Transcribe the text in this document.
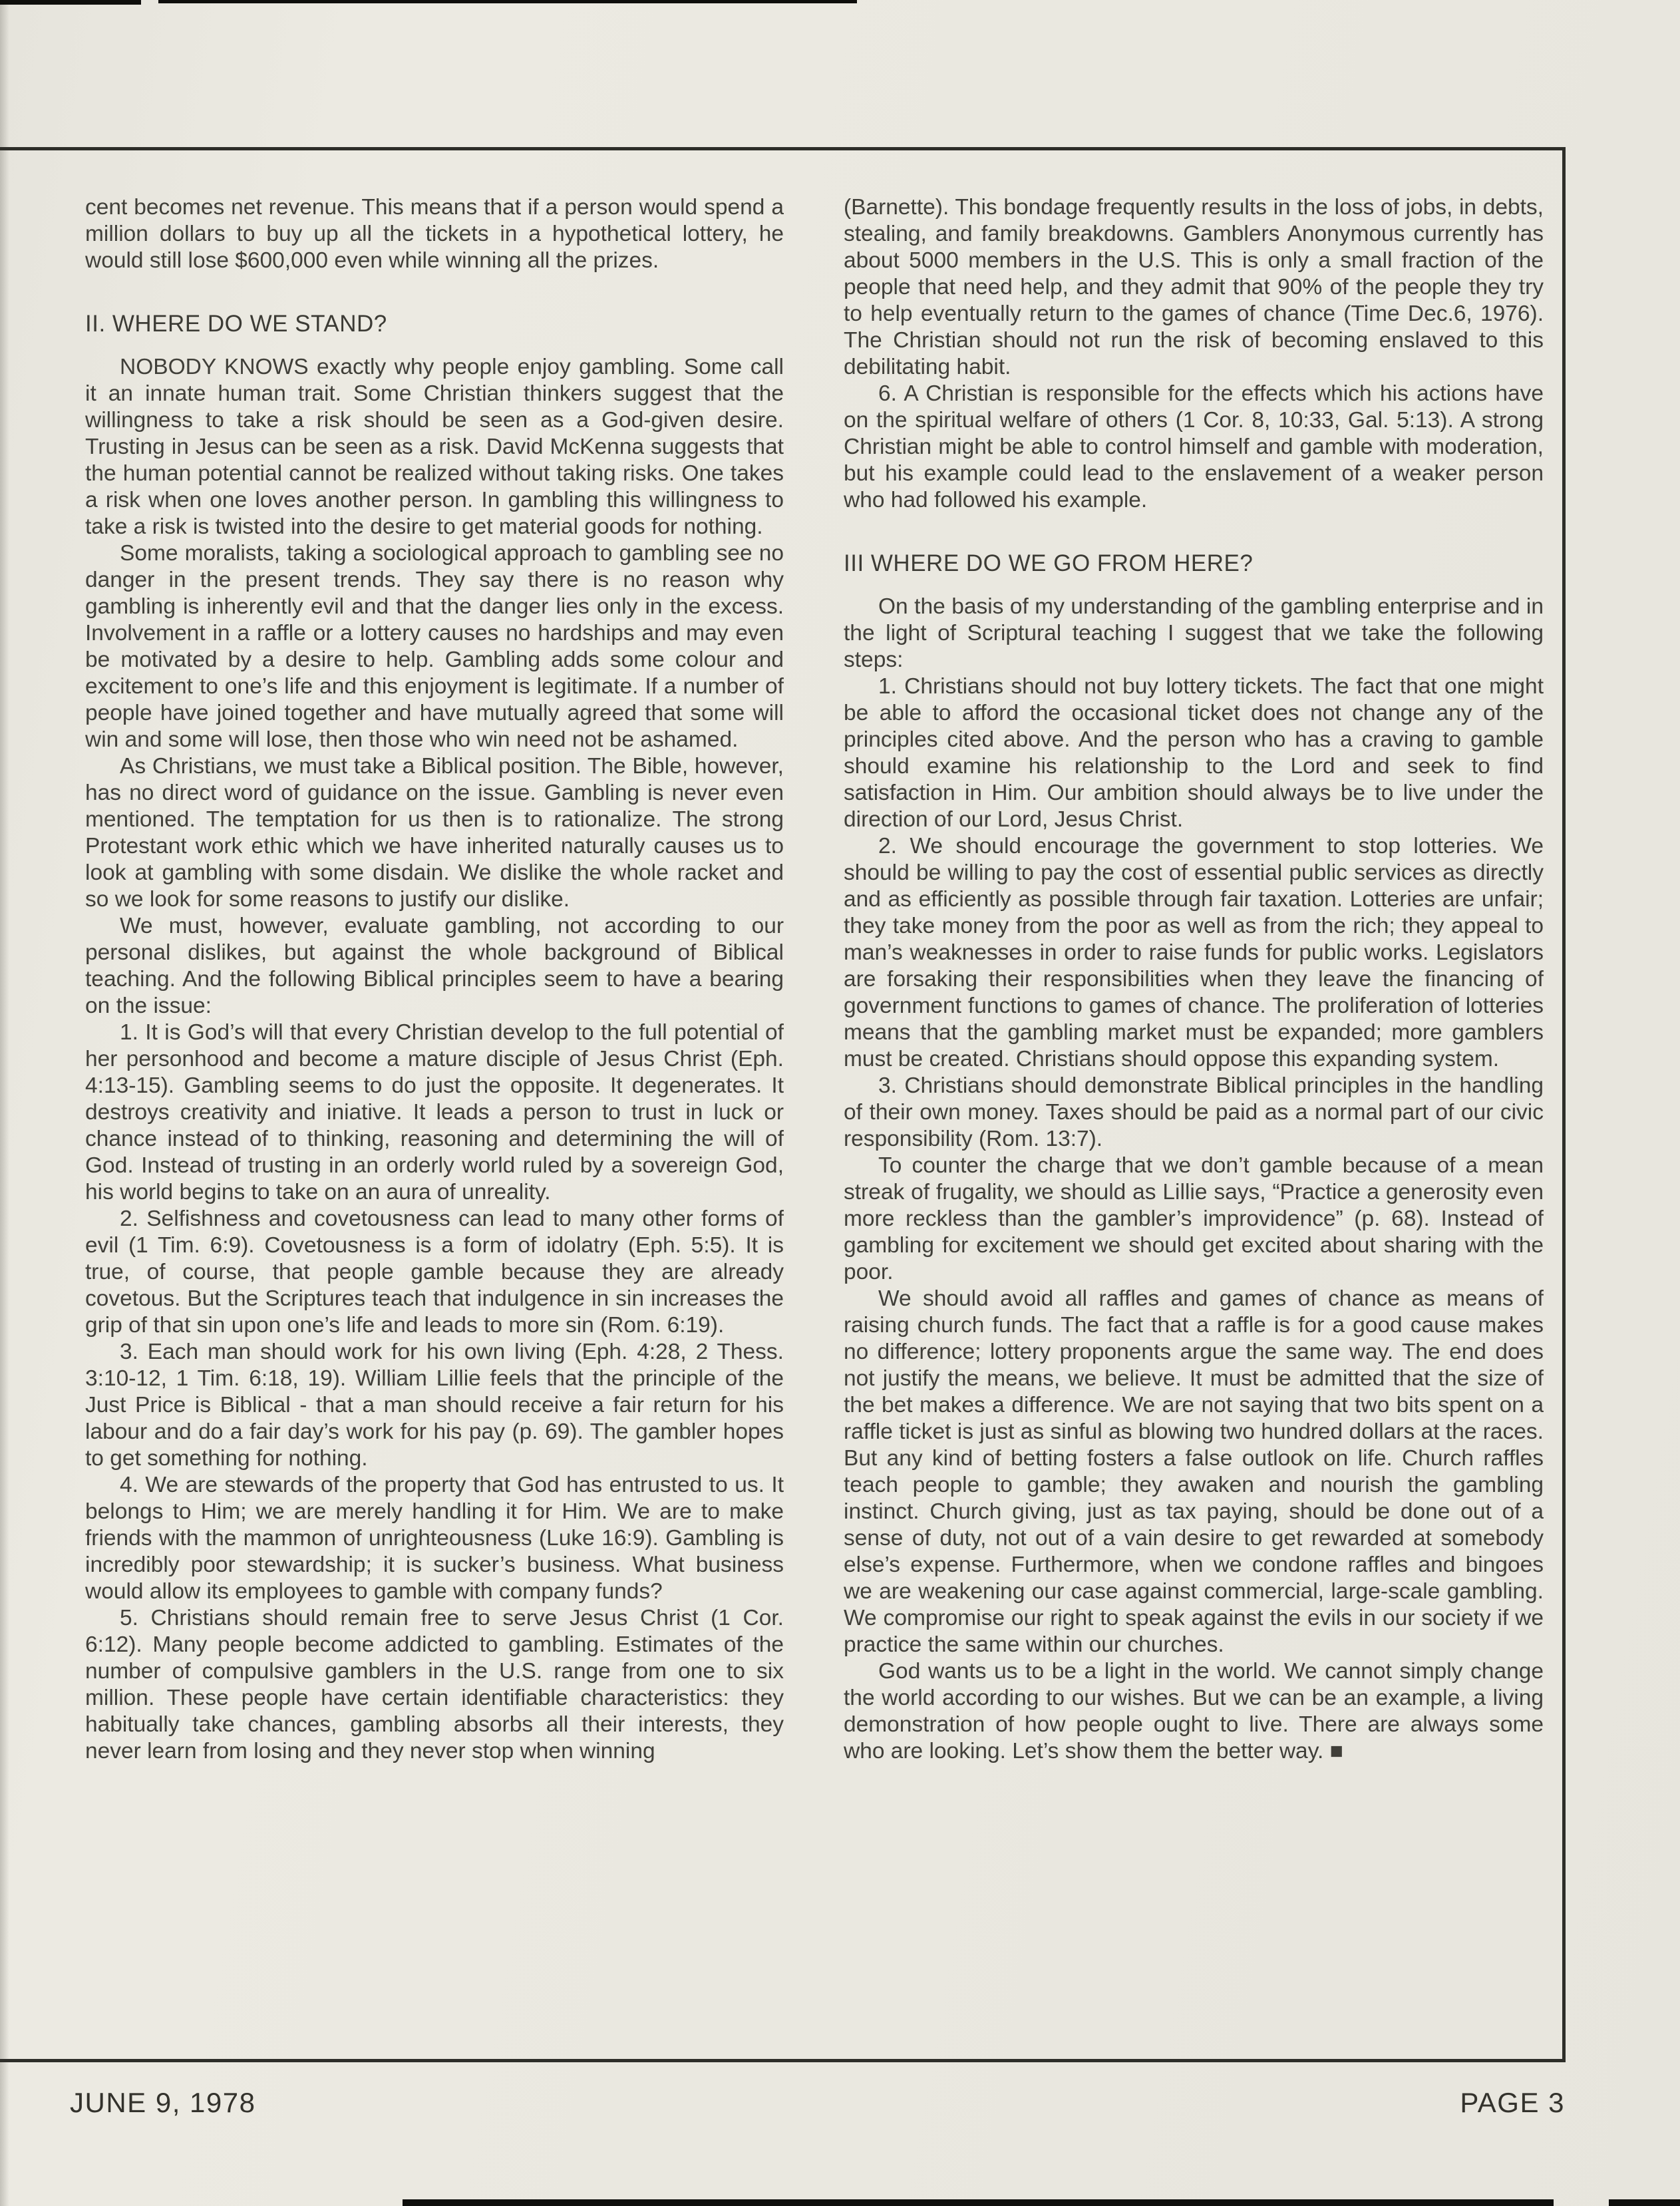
cent becomes net revenue. This means that if a person would spend a million dollars to buy up all the tickets in a hypothetical lottery, he would still lose $600,000 even while winning all the prizes.

II. WHERE DO WE STAND?

NOBODY KNOWS exactly why people enjoy gambling. Some call it an innate human trait. Some Christian thinkers suggest that the willingness to take a risk should be seen as a God-given desire. Trusting in Jesus can be seen as a risk. David McKenna suggests that the human potential cannot be realized without taking risks. One takes a risk when one loves another person. In gambling this willingness to take a risk is twisted into the desire to get material goods for nothing.

Some moralists, taking a sociological approach to gambling see no danger in the present trends. They say there is no reason why gambling is inherently evil and that the danger lies only in the excess. Involvement in a raffle or a lottery causes no hardships and may even be motivated by a desire to help. Gambling adds some colour and excitement to one’s life and this enjoyment is legitimate. If a number of people have joined together and have mutually agreed that some will win and some will lose, then those who win need not be ashamed.

As Christians, we must take a Biblical position. The Bible, however, has no direct word of guidance on the issue. Gambling is never even mentioned. The temptation for us then is to rationalize. The strong Protestant work ethic which we have inherited naturally causes us to look at gambling with some disdain. We dislike the whole racket and so we look for some reasons to justify our dislike.

We must, however, evaluate gambling, not according to our personal dislikes, but against the whole background of Biblical teaching. And the following Biblical principles seem to have a bearing on the issue:

1. It is God’s will that every Christian develop to the full potential of her personhood and become a mature disciple of Jesus Christ (Eph. 4:13-15). Gambling seems to do just the opposite. It degenerates. It destroys creativity and iniative. It leads a person to trust in luck or chance instead of to thinking, reasoning and determining the will of God. Instead of trusting in an orderly world ruled by a sovereign God, his world begins to take on an aura of unreality.

2. Selfishness and covetousness can lead to many other forms of evil (1 Tim. 6:9). Covetousness is a form of idolatry (Eph. 5:5). It is true, of course, that people gamble because they are already covetous. But the Scriptures teach that indulgence in sin increases the grip of that sin upon one’s life and leads to more sin (Rom. 6:19).

3. Each man should work for his own living (Eph. 4:28, 2 Thess. 3:10-12, 1 Tim. 6:18, 19). William Lillie feels that the principle of the Just Price is Biblical - that a man should receive a fair return for his labour and do a fair day’s work for his pay (p. 69). The gambler hopes to get something for nothing.

4. We are stewards of the property that God has entrusted to us. It belongs to Him; we are merely handling it for Him. We are to make friends with the mammon of unrighteousness (Luke 16:9). Gambling is incredibly poor stewardship; it is sucker’s business. What business would allow its employees to gamble with company funds?

5. Christians should remain free to serve Jesus Christ (1 Cor. 6:12). Many people become addicted to gambling. Estimates of the number of compulsive gamblers in the U.S. range from one to six million. These people have certain identifiable characteristics: they habitually take chances, gambling absorbs all their interests, they never learn from losing and they never stop when winning

(Barnette). This bondage frequently results in the loss of jobs, in debts, stealing, and family breakdowns. Gamblers Anonymous currently has about 5000 members in the U.S. This is only a small fraction of the people that need help, and they admit that 90% of the people they try to help eventually return to the games of chance (Time Dec.6, 1976). The Christian should not run the risk of becoming enslaved to this debilitating habit.

6. A Christian is responsible for the effects which his actions have on the spiritual welfare of others (1 Cor. 8, 10:33, Gal. 5:13). A strong Christian might be able to control himself and gamble with moderation, but his example could lead to the enslavement of a weaker person who had followed his example.

III WHERE DO WE GO FROM HERE?

On the basis of my understanding of the gambling enterprise and in the light of Scriptural teaching I suggest that we take the following steps:

1. Christians should not buy lottery tickets. The fact that one might be able to afford the occasional ticket does not change any of the principles cited above. And the person who has a craving to gamble should examine his relationship to the Lord and seek to find satisfaction in Him. Our ambition should always be to live under the direction of our Lord, Jesus Christ.

2. We should encourage the government to stop lotteries. We should be willing to pay the cost of essential public services as directly and as efficiently as possible through fair taxation. Lotteries are unfair; they take money from the poor as well as from the rich; they appeal to man’s weaknesses in order to raise funds for public works. Legislators are forsaking their responsibilities when they leave the financing of government functions to games of chance. The proliferation of lotteries means that the gambling market must be expanded; more gamblers must be created. Christians should oppose this expanding system.

3. Christians should demonstrate Biblical principles in the handling of their own money. Taxes should be paid as a normal part of our civic responsibility (Rom. 13:7).

To counter the charge that we don’t gamble because of a mean streak of frugality, we should as Lillie says, “Practice a generosity even more reckless than the gambler’s improvidence” (p. 68). Instead of gambling for excitement we should get excited about sharing with the poor.

We should avoid all raffles and games of chance as means of raising church funds. The fact that a raffle is for a good cause makes no difference; lottery proponents argue the same way. The end does not justify the means, we believe. It must be admitted that the size of the bet makes a difference. We are not saying that two bits spent on a raffle ticket is just as sinful as blowing two hundred dollars at the races. But any kind of betting fosters a false outlook on life. Church raffles teach people to gamble; they awaken and nourish the gambling instinct. Church giving, just as tax paying, should be done out of a sense of duty, not out of a vain desire to get rewarded at somebody else’s expense. Furthermore, when we condone raffles and bingoes we are weakening our case against commercial, large-scale gambling. We compromise our right to speak against the evils in our society if we practice the same within our churches.

God wants us to be a light in the world. We cannot simply change the world according to our wishes. But we can be an example, a living demonstration of how people ought to live. There are always some who are looking. Let’s show them the better way. ■

JUNE 9, 1978	PAGE 3
